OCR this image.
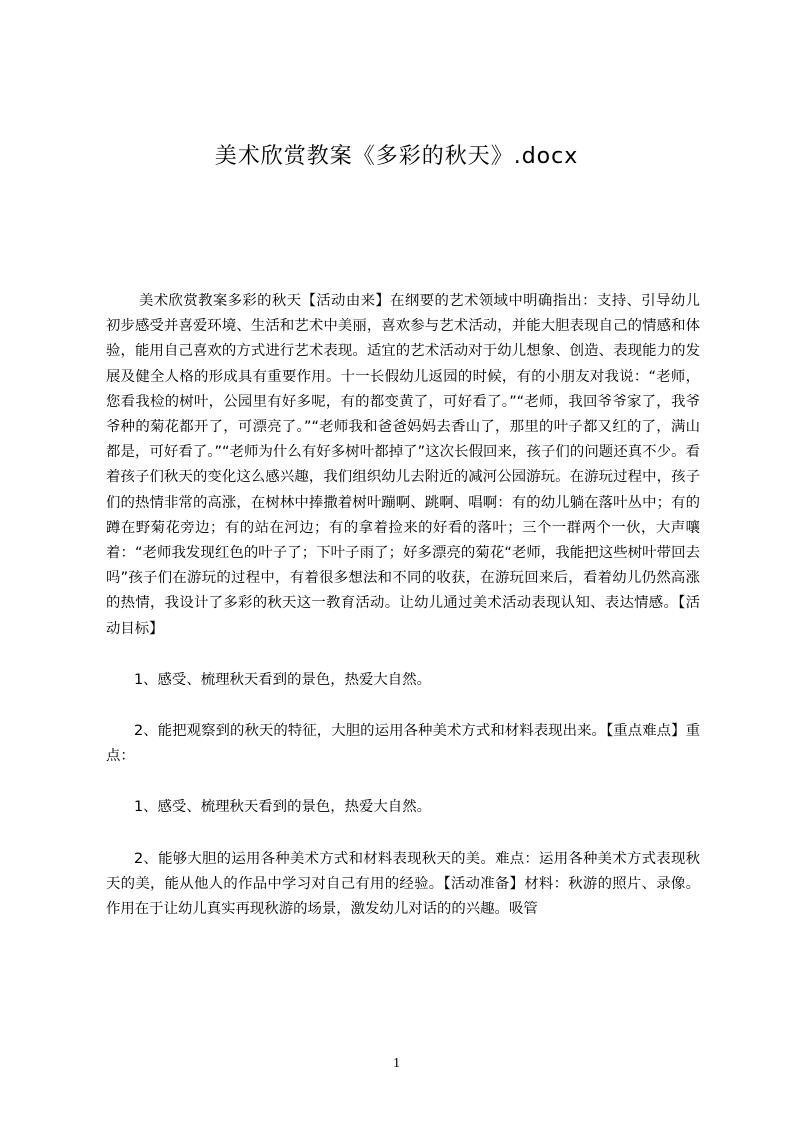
美术欣赏教案《多彩的秋天》.docx

美术欣赏教案多彩的秋天【活动由来】在纲要的艺术领域中明确指出：支持、引导幼儿初步感受并喜爱环境、生活和艺术中美丽，喜欢参与艺术活动，并能大胆表现自己的情感和体验，能用自己喜欢的方式进行艺术表现。适宜的艺术活动对于幼儿想象、创造、表现能力的发展及健全人格的形成具有重要作用。十一长假幼儿返园的时候，有的小朋友对我说：“老师，您看我检的树叶，公园里有好多呢，有的都变黄了，可好看了。”“老师，我回爷爷家了，我爷爷种的菊花都开了，可漂亮了。”“老师我和爸爸妈妈去香山了，那里的叶子都又红的了，满山都是，可好看了。”“老师为什么有好多树叶都掉了”这次长假回来，孩子们的问题还真不少。看着孩子们秋天的变化这么感兴趣，我们组织幼儿去附近的减河公园游玩。在游玩过程中，孩子们的热情非常的高涨，在树林中捧撒着树叶蹦啊、跳啊、唱啊：有的幼儿躺在落叶丛中；有的蹲在野菊花旁边；有的站在河边；有的拿着捡来的好看的落叶；三个一群两个一伙，大声嚷着：“老师我发现红色的叶子了；下叶子雨了；好多漂亮的菊花“老师，我能把这些树叶带回去吗”孩子们在游玩的过程中，有着很多想法和不同的收获，在游玩回来后，看着幼儿仍然高涨的热情，我设计了多彩的秋天这一教育活动。让幼儿通过美术活动表现认知、表达情感。【活动目标】

1、感受、梳理秋天看到的景色，热爱大自然。

2、能把观察到的秋天的特征，大胆的运用各种美术方式和材料表现出来。【重点难点】重点：

1、感受、梳理秋天看到的景色，热爱大自然。

2、能够大胆的运用各种美术方式和材料表现秋天的美。难点：运用各种美术方式表现秋天的美，能从他人的作品中学习对自己有用的经验。【活动准备】材料：秋游的照片、录像。作用在于让幼儿真实再现秋游的场景，激发幼儿对话的的兴趣。吸管

1
